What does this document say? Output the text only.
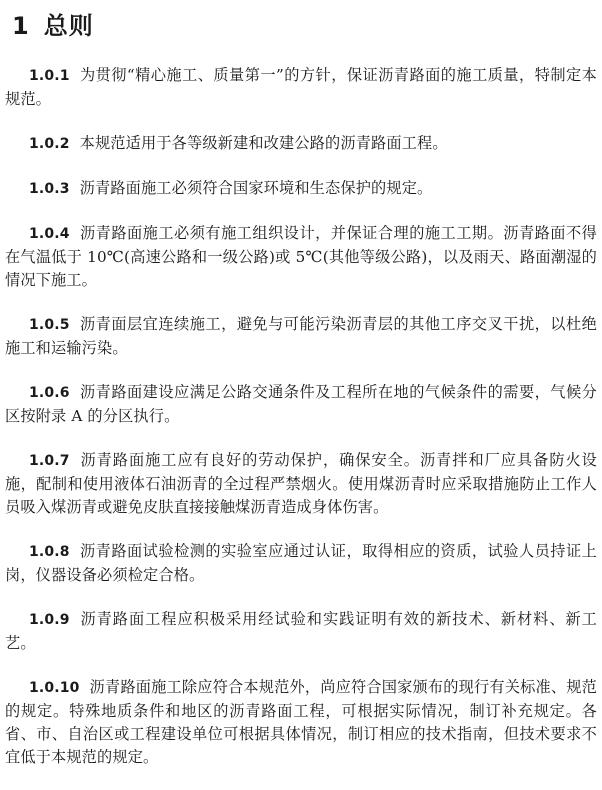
1 总则

1.0.1 为贯彻“精心施工、质量第一”的方针，保证沥青路面的施工质量，特制定本规范。

1.0.2 本规范适用于各等级新建和改建公路的沥青路面工程。

1.0.3 沥青路面施工必须符合国家环境和生态保护的规定。

1.0.4 沥青路面施工必须有施工组织设计，并保证合理的施工工期。沥青路面不得在气温低于 10℃(高速公路和一级公路)或 5℃(其他等级公路)，以及雨天、路面潮湿的情况下施工。

1.0.5 沥青面层宜连续施工，避免与可能污染沥青层的其他工序交叉干扰，以杜绝施工和运输污染。

1.0.6 沥青路面建设应满足公路交通条件及工程所在地的气候条件的需要，气候分区按附录 A 的分区执行。

1.0.7 沥青路面施工应有良好的劳动保护，确保安全。沥青拌和厂应具备防火设施，配制和使用液体石油沥青的全过程严禁烟火。使用煤沥青时应采取措施防止工作人员吸入煤沥青或避免皮肤直接接触煤沥青造成身体伤害。

1.0.8 沥青路面试验检测的实验室应通过认证，取得相应的资质，试验人员持证上岗，仪器设备必须检定合格。

1.0.9 沥青路面工程应积极采用经试验和实践证明有效的新技术、新材料、新工艺。

1.0.10 沥青路面施工除应符合本规范外，尚应符合国家颁布的现行有关标准、规范的规定。特殊地质条件和地区的沥青路面工程，可根据实际情况，制订补充规定。各省、市、自治区或工程建设单位可根据具体情况，制订相应的技术指南，但技术要求不宜低于本规范的规定。
